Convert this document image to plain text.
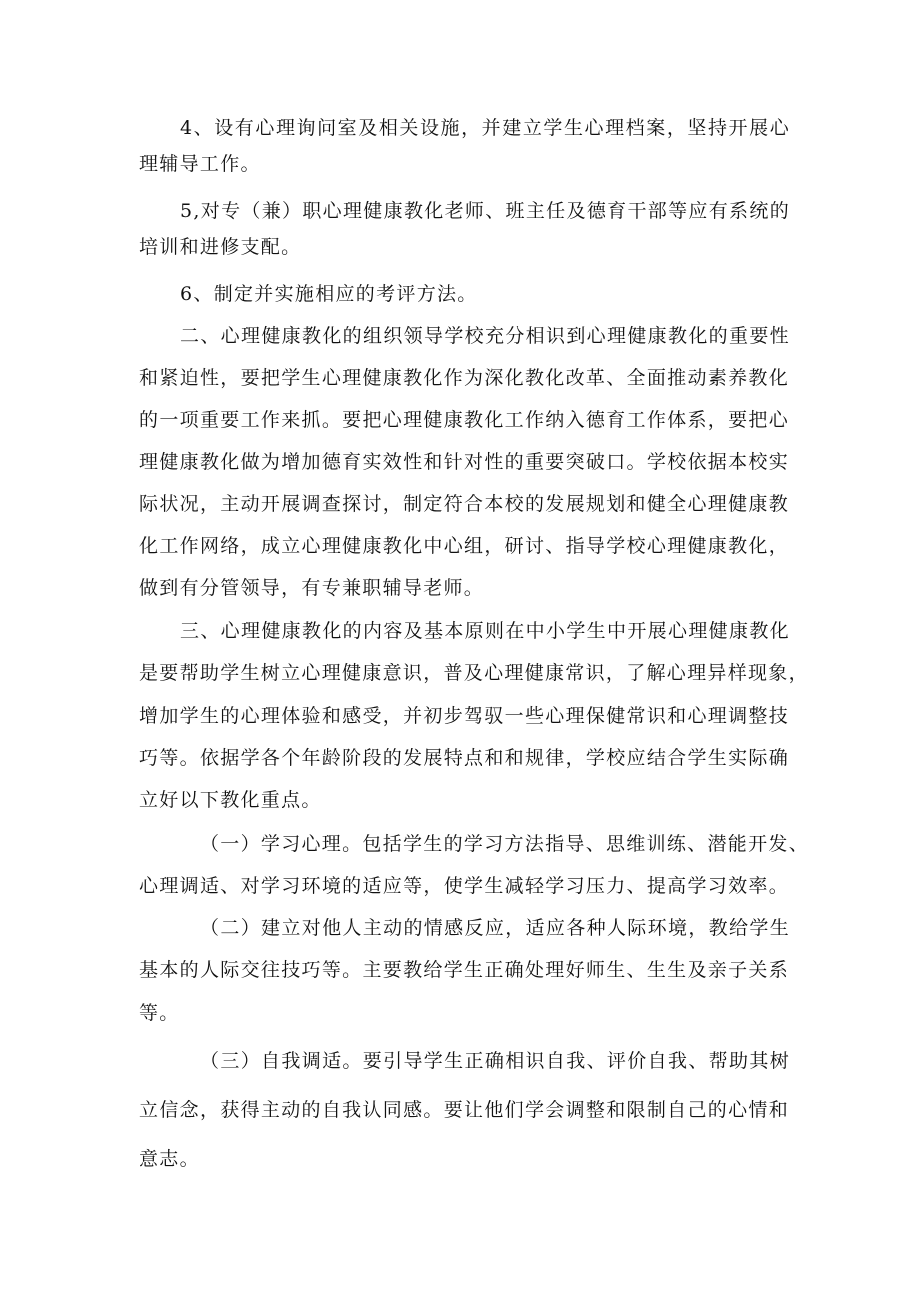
4、设有心理询问室及相关设施，并建立学生心理档案，坚持开展心
理辅导工作。
5,对专（兼）职心理健康教化老师、班主任及德育干部等应有系统的
培训和进修支配。
6、制定并实施相应的考评方法。
二、心理健康教化的组织领导学校充分相识到心理健康教化的重要性
和紧迫性，要把学生心理健康教化作为深化教化改革、全面推动素养教化
的一项重要工作来抓。要把心理健康教化工作纳入德育工作体系，要把心
理健康教化做为增加德育实效性和针对性的重要突破口。学校依据本校实
际状况，主动开展调查探讨，制定符合本校的发展规划和健全心理健康教
化工作网络，成立心理健康教化中心组，研讨、指导学校心理健康教化，
做到有分管领导，有专兼职辅导老师。
三、心理健康教化的内容及基本原则在中小学生中开展心理健康教化
是要帮助学生树立心理健康意识，普及心理健康常识，了解心理异样现象，
增加学生的心理体验和感受，并初步驾驭一些心理保健常识和心理调整技
巧等。依据学各个年龄阶段的发展特点和和规律，学校应结合学生实际确
立好以下教化重点。
（一）学习心理。包括学生的学习方法指导、思维训练、潜能开发、
心理调适、对学习环境的适应等，使学生减轻学习压力、提高学习效率。
（二）建立对他人主动的情感反应，适应各种人际环境，教给学生
基本的人际交往技巧等。主要教给学生正确处理好师生、生生及亲子关系
等。
（三）自我调适。要引导学生正确相识自我、评价自我、帮助其树
立信念，获得主动的自我认同感。要让他们学会调整和限制自己的心情和
意志。
